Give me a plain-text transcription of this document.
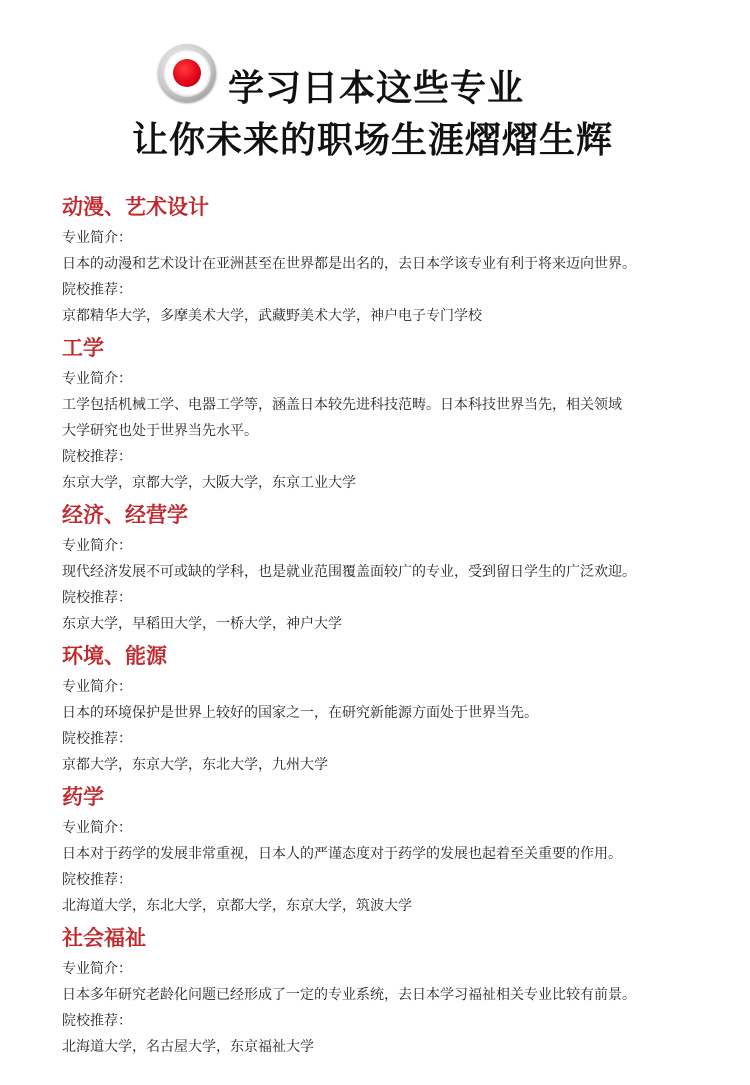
学习日本这些专业
让你未来的职场生涯熠熠生辉
动漫、艺术设计
专业简介：
日本的动漫和艺术设计在亚洲甚至在世界都是出名的，去日本学该专业有利于将来迈向世界。
院校推荐：
京都精华大学，多摩美术大学，武藏野美术大学，神户电子专门学校
工学
专业简介：
工学包括机械工学、电器工学等，涵盖日本较先进科技范畴。日本科技世界当先，相关领域
大学研究也处于世界当先水平。
院校推荐：
东京大学，京都大学，大阪大学，东京工业大学
经济、经营学
专业简介：
现代经济发展不可或缺的学科，也是就业范围覆盖面较广的专业，受到留日学生的广泛欢迎。
院校推荐：
东京大学，早稻田大学，一桥大学，神户大学
环境、能源
专业简介：
日本的环境保护是世界上较好的国家之一，在研究新能源方面处于世界当先。
院校推荐：
京都大学，东京大学，东北大学，九州大学
药学
专业简介：
日本对于药学的发展非常重视，日本人的严谨态度对于药学的发展也起着至关重要的作用。
院校推荐：
北海道大学，东北大学，京都大学，东京大学，筑波大学
社会福祉
专业简介：
日本多年研究老龄化问题已经形成了一定的专业系统，去日本学习福祉相关专业比较有前景。
院校推荐：
北海道大学，名古屋大学，东京福祉大学
